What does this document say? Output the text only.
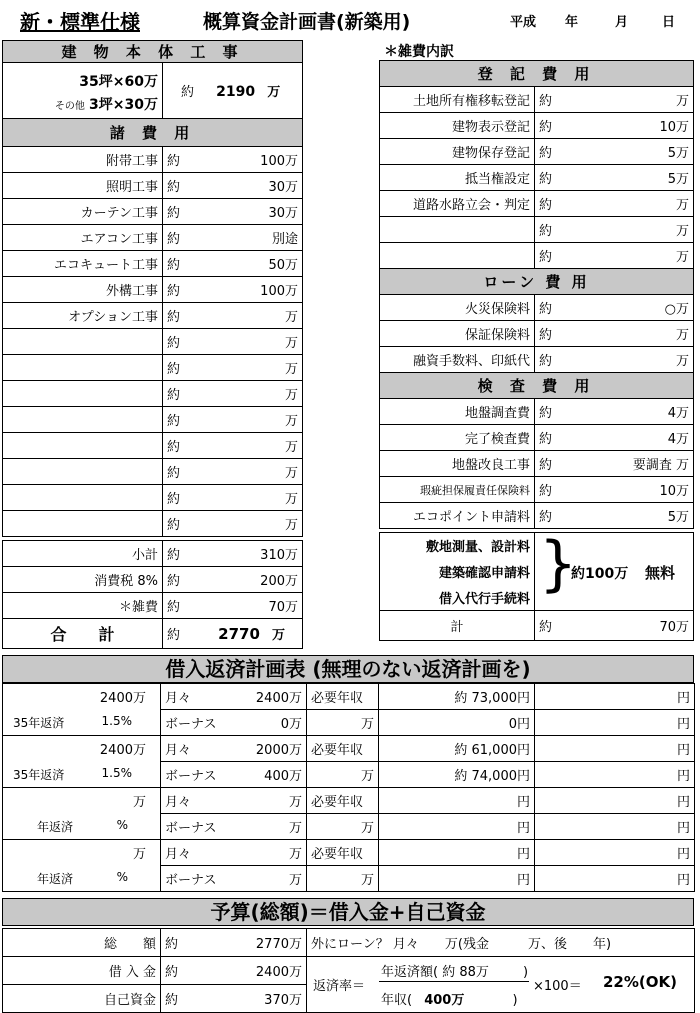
新・標準仕様	概算資金計画書(新築用)	平成 年	月	日
建 物 本 体 工 事	

35坪×60万
その他 3坪×30万	約 2190 万
諸 費 用	
附帯工事	約 100万

照明工事	約 30万

カーテン工事	約 30万

エアコン工事	約 別途

エコキュート工事	約 50万

外構工事	約 100万

オプション工事	約 万

	約 万

	約 万

	約 万

	約 万

	約 万

	約 万

	約 万

	約 万

小計	約 310万

消費税 8%	約 200万

＊雑費	約 70万

合　　計	約 2770 万
＊雑費内訳
登 記 費 用	
土地所有権移転登記	約 万

建物表示登記	約 10万

建物保存登記	約 5万

抵当権設定	約 5万

道路水路立会・判定	約 万

	約 万

	約 万

ローン 費 用	
火災保険料	約 ○万

保証保険料	約 万

融資手数料、印紙代	約 万

検 査 費 用	
地盤調査費	約 4万

完了検査費	約 4万

地盤改良工事	約 要調査 万

瑕疵担保履責任保険料	約 10万

エコポイント申請料	約 5万

敷地測量、設計料	}
約100万 無料

建築確認申請料	
借入代行手続料	
計	約 70万
借入返済計画表 (無理のない返済計画を)
2400万	月々 2400万	必要年収	約 73,000円	円
35年返済 1.5%	ボーナス 0万	万	0円	円
2400万	月々 2000万	必要年収	約 61,000円	円
35年返済 1.5%	ボーナス 400万	万	約 74,000円	円
万	月々 万	必要年収	円	円
年返済 %	ボーナス 万	万	円	円
万	月々 万	必要年収	円	円
年返済 %	ボーナス 万	万	円	円
予算(総額)＝借入金+自己資金
総　　額	約 2770万	外にローン？ 月々　　万(残金　　　万、後　　年)
借 入 金	約 2400万	返済率＝
年返済額( 約 88万 )
年収( 400万 )
×100＝ 22%(OK)

自己資金	約 370万	
